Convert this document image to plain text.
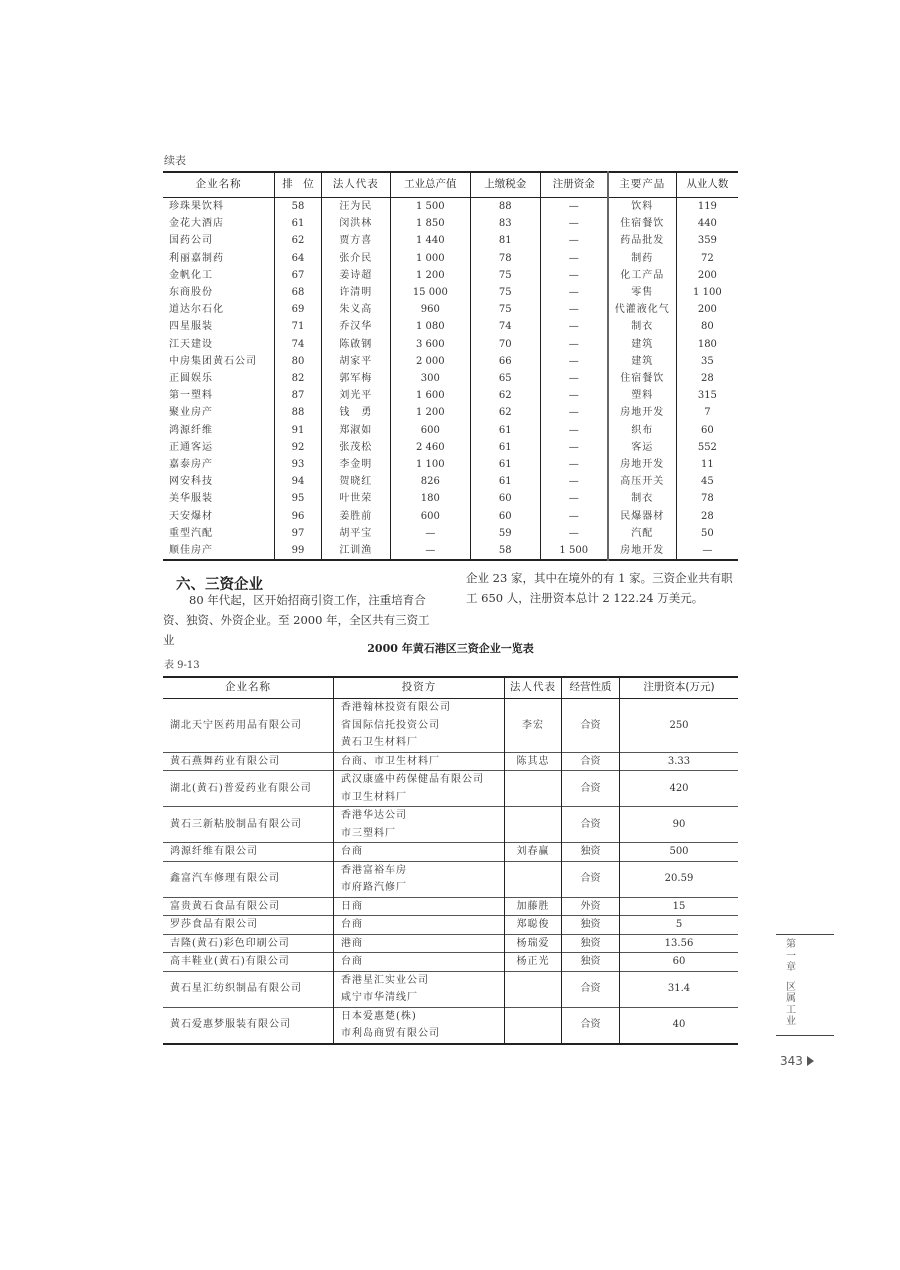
续表
企业名称	排　位	法人代表	工业总产值	上缴税金	注册资金	主要产品	从业人数
珍珠果饮料	58	汪为民	1 500	88	—	饮料	119
金花大酒店	61	闵洪林	1 850	83	—	住宿餐饮	440
国药公司	62	贾方喜	1 440	81	—	药品批发	359
利丽嘉制药	64	张介民	1 000	78	—	制药	72
金帆化工	67	姜诗超	1 200	75	—	化工产品	200
东商股份	68	许清明	15 000	75	—	零售	1 100
道达尔石化	69	朱义高	960	75	—	代灌液化气	200
四星服装	71	乔汉华	1 080	74	—	制衣	80
江天建设	74	陈啟钢	3 600	70	—	建筑	180
中房集团黄石公司	80	胡家平	2 000	66	—	建筑	35
正圆娱乐	82	郭军梅	300	65	—	住宿餐饮	28
第一塑料	87	刘光平	1 600	62	—	塑料	315
聚业房产	88	钱　勇	1 200	62	—	房地开发	7
鸿源纤维	91	郑淑如	600	61	—	织布	60
正通客运	92	张茂松	2 460	61	—	客运	552
嘉泰房产	93	李金明	1 100	61	—	房地开发	11
网安科技	94	贺晓红	826	61	—	高压开关	45
美华服装	95	叶世荣	180	60	—	制衣	78
天安爆材	96	姜胜前	600	60	—	民爆器材	28
重型汽配	97	胡平宝	—	59	—	汽配	50
顺佳房产	99	江训渔	—	58	1 500	房地开发	—
六、三资企业
80 年代起，区开始招商引资工作，注重培育合资、独资、外资企业。至 2000 年，全区共有三资工业
企业 23 家，其中在境外的有 1 家。三资企业共有职工 650 人，注册资本总计 2 122.24 万美元。
2000 年黄石港区三资企业一览表
表 9-13
企业名称	投资方	法人代表	经营性质	注册资本(万元)
湖北天宁医药用品有限公司	香港翰林投资有限公司
省国际信托投资公司
黄石卫生材料厂	李宏	合资	250
黄石燕舞药业有限公司	台商、市卫生材料厂	陈其忠	合资	3.33
湖北(黄石)普爱药业有限公司	武汉康盛中药保健品有限公司
市卫生材料厂		合资	420
黄石三新粘胶制品有限公司	香港华达公司
市三塑料厂		合资	90
鸿源纤维有限公司	台商	刘春赢	独资	500
鑫富汽车修理有限公司	香港富裕车房
市府路汽修厂		合资	20.59
富贵黄石食品有限公司	日商	加藤胜	外资	15
罗莎食品有限公司	台商	郑聪俊	独资	5
吉隆(黄石)彩色印刷公司	港商	杨瑞爱	独资	13.56
高丰鞋业(黄石)有限公司	台商	杨正光	独资	60
黄石星汇纺织制品有限公司	香港星汇实业公司
咸宁市华清线厂		合资	31.4
黄石爱惠梦服装有限公司	日本爱惠楚(株)
市利岛商贸有限公司		合资	40
第
一
章
区
属
工
业
343
